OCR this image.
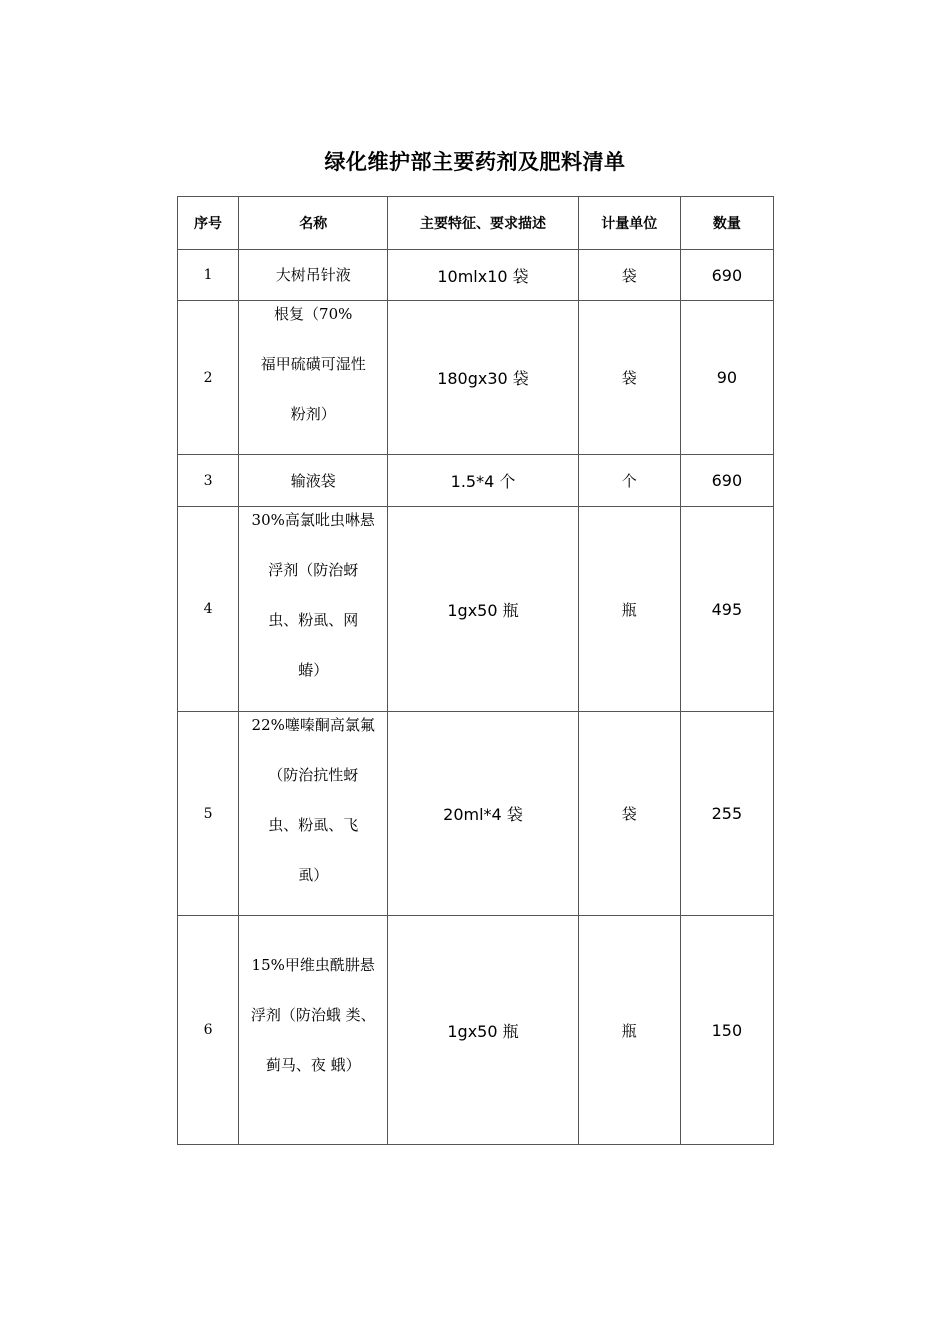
绿化维护部主要药剂及肥料清单
序号	名称	主要特征、要求描述	计量单位	数量
1	大树吊针液	10mlx10 袋	袋	690
2	根复（70%
福甲硫磺可湿性
粉剂）	180gx30 袋	袋	90
3	输液袋	1.5*4 个	个	690
4	30%高氯吡虫啉悬
浮剂（防治蚜
虫、粉虱、网
蝽）	1gx50 瓶	瓶	495
5	22%噻嗪酮高氯氟
（防治抗性蚜
虫、粉虱、飞
虱）	20ml*4 袋	袋	255
6	15%甲维虫酰肼悬
浮剂（防治蛾 类、
蓟马、夜 蛾）	1gx50 瓶	瓶	150
